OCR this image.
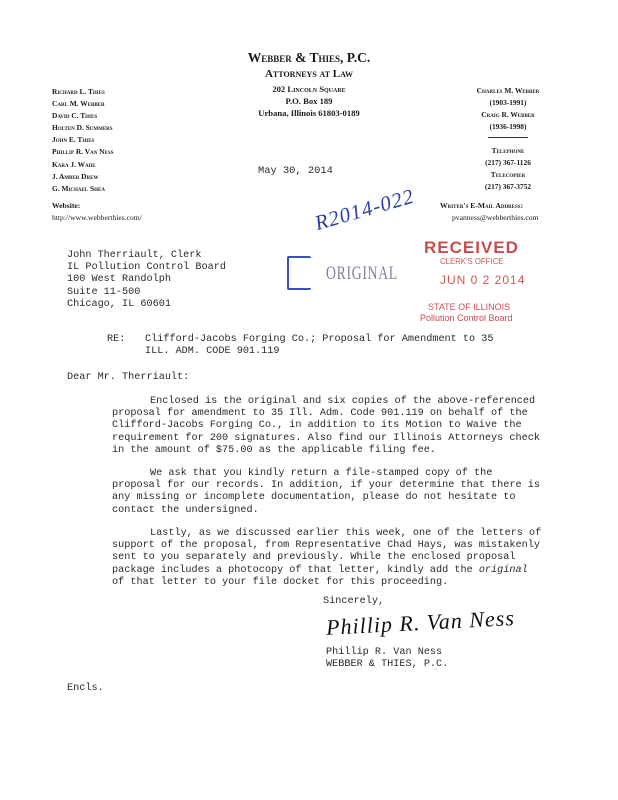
Webber & Thies, P.C.
Attorneys at Law
202 Lincoln Square
P.O. Box 189
Urbana, Illinois 61803-0189
Richard L. Thies
Carl M. Webber
David C. Thies
Holten D. Summers
John E. Thies
Phillip R. Van Ness
Kara J. Wade
J. Amber Drew
G. Michael Shea
Charles M. Webber
(1903-1991)
Craig R. Webber
(1936-1998)
Telephone
(217) 367-1126
Telecopier
(217) 367-3752
Website:
http://www.webberthies.com/
Writer's E-Mail Address:
pvanness@webberthies.com
May 30, 2014
R2014-022
ORIGINAL
RECEIVED
CLERK'S OFFICE
JUN 0 2 2014
STATE OF ILLINOIS
Pollution Control Board
John Therriault, Clerk
IL Pollution Control Board
100 West Randolph
Suite 11-500
Chicago, IL 60601
RE: Clifford-Jacobs Forging Co.; Proposal for Amendment to 35
ILL. ADM. CODE 901.119
Dear Mr. Therriault:
Enclosed is the original and six copies of the above-referenced proposal for amendment to 35 Ill. Adm. Code 901.119 on behalf of the Clifford-Jacobs Forging Co., in addition to its Motion to Waive the requirement for 200 signatures. Also find our Illinois Attorneys check in the amount of $75.00 as the applicable filing fee.
We ask that you kindly return a file-stamped copy of the proposal for our records. In addition, if your determine that there is any missing or incomplete documentation, please do not hesitate to contact the undersigned.
Lastly, as we discussed earlier this week, one of the letters of support of the proposal, from Representative Chad Hays, was mistakenly sent to you separately and previously. While the enclosed proposal package includes a photocopy of that letter, kindly add the original of that letter to your file docket for this proceeding.
Sincerely,
Phillip R. Van Ness
Phillip R. Van Ness
WEBBER & THIES, P.C.
Encls.
